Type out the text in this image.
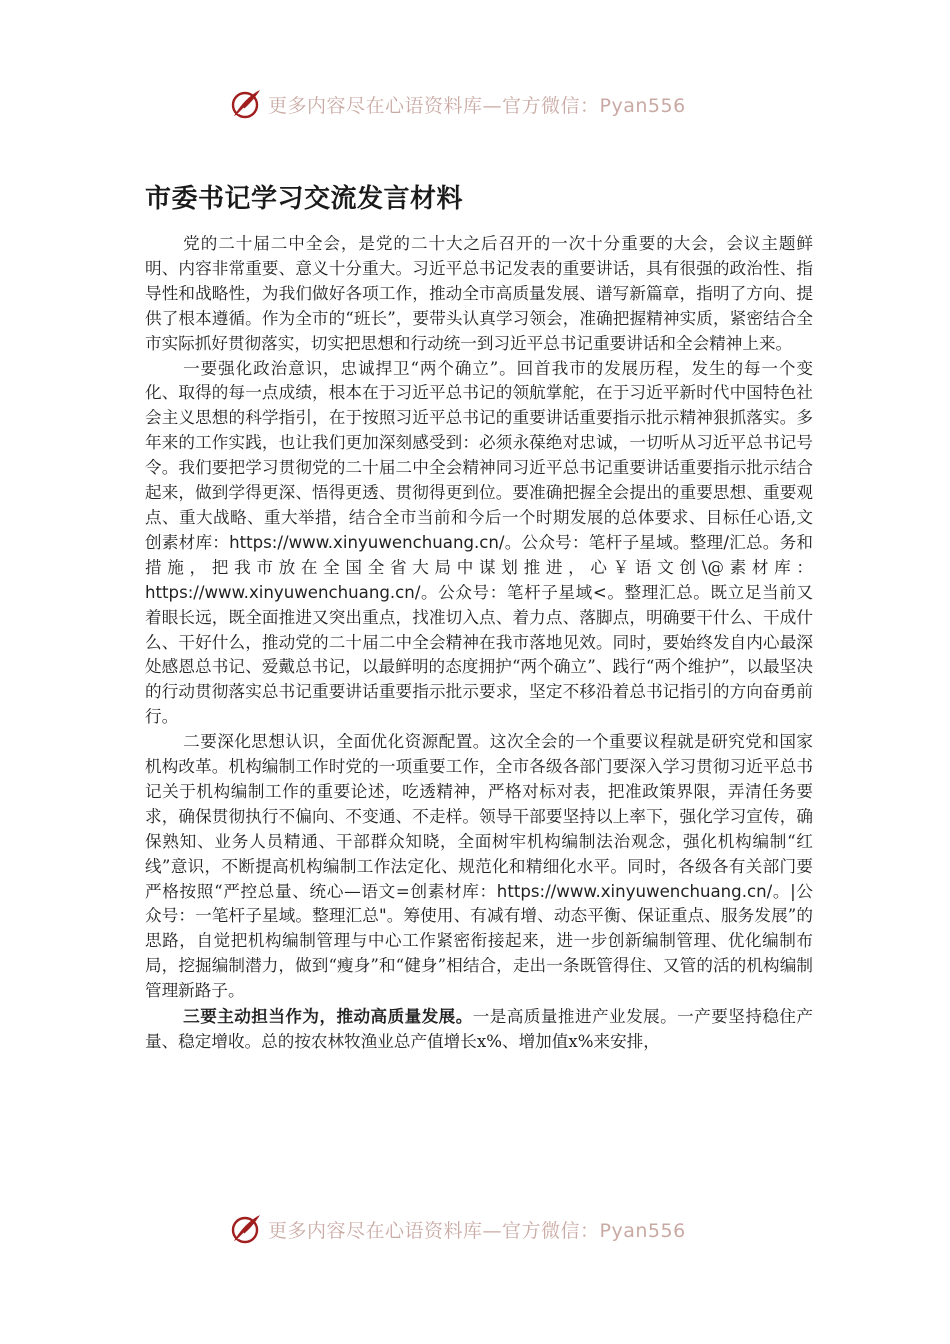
更多内容尽在心语资料库—官方微信：Pyan556
市委书记学习交流发言材料

党的二十届二中全会，是党的二十大之后召开的一次十分重要的大会，会议主题鲜明、内容非常重要、意义十分重大。习近平总书记发表的重要讲话，具有很强的政治性、指导性和战略性，为我们做好各项工作，推动全市高质量发展、谱写新篇章，指明了方向、提供了根本遵循。作为全市的“班长”，要带头认真学习领会，准确把握精神实质，紧密结合全市实际抓好贯彻落实，切实把思想和行动统一到习近平总书记重要讲话和全会精神上来。

一要强化政治意识，忠诚捍卫“两个确立”。回首我市的发展历程，发生的每一个变化、取得的每一点成绩，根本在于习近平总书记的领航掌舵，在于习近平新时代中国特色社会主义思想的科学指引，在于按照习近平总书记的重要讲话重要指示批示精神狠抓落实。多年来的工作实践，也让我们更加深刻感受到：必须永葆绝对忠诚，一切听从习近平总书记号令。我们要把学习贯彻党的二十届二中全会精神同习近平总书记重要讲话重要指示批示结合起来，做到学得更深、悟得更透、贯彻得更到位。要准确把握全会提出的重要思想、重要观点、重大战略、重大举措，结合全市当前和今后一个时期发展的总体要求、目标任心语,文创素材库：https://www.xinyuwenchuang.cn/。公众号：笔杆子星域。整理/汇总。务和措施，把我市放在全国全省大局中谋划推进，心￥语文创\@素材库：https://www.xinyuwenchuang.cn/。公众号：笔杆子星域<。整理汇总。既立足当前又着眼长远，既全面推进又突出重点，找准切入点、着力点、落脚点，明确要干什么、干成什么、干好什么，推动党的二十届二中全会精神在我市落地见效。同时，要始终发自内心最深处感恩总书记、爱戴总书记，以最鲜明的态度拥护“两个确立”、践行“两个维护”，以最坚决的行动贯彻落实总书记重要讲话重要指示批示要求，坚定不移沿着总书记指引的方向奋勇前行。

二要深化思想认识，全面优化资源配置。这次全会的一个重要议程就是研究党和国家机构改革。机构编制工作时党的一项重要工作，全市各级各部门要深入学习贯彻习近平总书记关于机构编制工作的重要论述，吃透精神，严格对标对表，把准政策界限，弄清任务要求，确保贯彻执行不偏向、不变通、不走样。领导干部要坚持以上率下，强化学习宣传，确保熟知、业务人员精通、干部群众知晓，全面树牢机构编制法治观念，强化机构编制“红线”意识，不断提高机构编制工作法定化、规范化和精细化水平。同时，各级各有关部门要严格按照“严控总量、统心—语文=创素材库：https://www.xinyuwenchuang.cn/。|公众号：一笔杆子星域。整理汇总"。筹使用、有减有增、动态平衡、保证重点、服务发展”的思路，自觉把机构编制管理与中心工作紧密衔接起来，进一步创新编制管理、优化编制布局，挖掘编制潜力，做到“瘦身”和“健身”相结合，走出一条既管得住、又管的活的机构编制管理新路子。

三要主动担当作为，推动高质量发展。一是高质量推进产业发展。一产要坚持稳住产量、稳定增收。总的按农林牧渔业总产值增长x%、增加值x%来安排，

更多内容尽在心语资料库—官方微信：Pyan556
